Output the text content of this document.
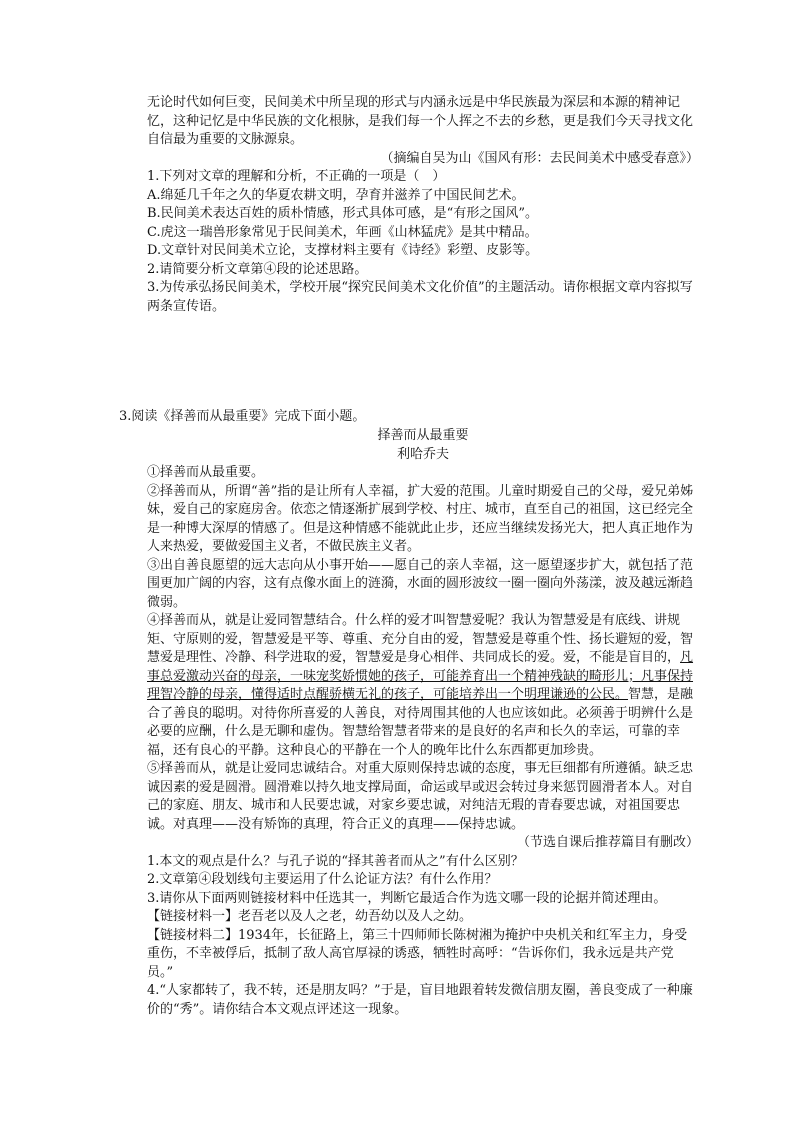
无论时代如何巨变，民间美术中所呈现的形式与内涵永远是中华民族最为深层和本源的精神记忆，这种记忆是中华民族的文化根脉，是我们每一个人挥之不去的乡愁，更是我们今天寻找文化自信最为重要的文脉源泉。

（摘编自吴为山《国风有形：去民间美术中感受春意》）

1.下列对文章的理解和分析，不正确的一项是（　）

A.绵延几千年之久的华夏农耕文明，孕育并滋养了中国民间艺术。

B.民间美术表达百姓的质朴情感，形式具体可感，是“有形之国风”。

C.虎这一瑞兽形象常见于民间美术，年画《山林猛虎》是其中精品。

D.文章针对民间美术立论，支撑材料主要有《诗经》彩塑、皮影等。

2.请简要分析文章第④段的论述思路。

3.为传承弘扬民间美术，学校开展“探究民间美术文化价值”的主题活动。请你根据文章内容拟写两条宣传语。

3.阅读《择善而从最重要》完成下面小题。

择善而从最重要

利哈乔夫

①择善而从最重要。

②择善而从，所谓“善”指的是让所有人幸福，扩大爱的范围。儿童时期爱自己的父母，爱兄弟姊妹，爱自己的家庭房舍。依恋之情逐渐扩展到学校、村庄、城市，直至自己的祖国，这已经完全是一种博大深厚的情感了。但是这种情感不能就此止步，还应当继续发扬光大，把人真正地作为人来热爱，要做爱国主义者，不做民族主义者。

③出自善良愿望的远大志向从小事开始——愿自己的亲人幸福，这一愿望逐步扩大，就包括了范围更加广阔的内容，这有点像水面上的涟漪，水面的圆形波纹一圈一圈向外荡漾，波及越远渐趋微弱。

④择善而从，就是让爱同智慧结合。什么样的爱才叫智慧爱呢？我认为智慧爱是有底线、讲规矩、守原则的爱，智慧爱是平等、尊重、充分自由的爱，智慧爱是尊重个性、扬长避短的爱，智慧爱是理性、冷静、科学进取的爱，智慧爱是身心相伴、共同成长的爱。爱，不能是盲目的，凡事总爱激动兴奋的母亲，一味宠奖娇惯她的孩子，可能养育出一个精神残缺的畸形儿；凡事保持理智冷静的母亲，懂得适时点醒骄横无礼的孩子，可能培养出一个明理谦逊的公民。智慧，是融合了善良的聪明。对待你所喜爱的人善良，对待周围其他的人也应该如此。必须善于明辨什么是必要的应酬，什么是无聊和虚伪。智慧给智慧者带来的是良好的名声和长久的幸运，可靠的幸福，还有良心的平静。这种良心的平静在一个人的晚年比什么东西都更加珍贵。

⑤择善而从，就是让爱同忠诚结合。对重大原则保持忠诚的态度，事无巨细都有所遵循。缺乏忠诚因素的爱是圆滑。圆滑难以持久地支撑局面，命运或早或迟会转过身来惩罚圆滑者本人。对自己的家庭、朋友、城市和人民要忠诚，对家乡要忠诚，对纯洁无瑕的青春要忠诚，对祖国要忠诚。对真理——没有矫饰的真理，符合正义的真理——保持忠诚。

（节选自课后推荐篇目有删改）

1.本文的观点是什么？与孔子说的“择其善者而从之”有什么区别？

2.文章第④段划线句主要运用了什么论证方法？有什么作用？

3.请你从下面两则链接材料中任选其一，判断它最适合作为选文哪一段的论据并简述理由。

【链接材料一】老吾老以及人之老，幼吾幼以及人之幼。

【链接材料二】1934年，长征路上，第三十四师师长陈树湘为掩护中央机关和红军主力，身受重伤，不幸被俘后，抵制了敌人高官厚禄的诱惑，牺牲时高呼：“告诉你们，我永远是共产党员。”

4.“人家都转了，我不转，还是朋友吗？”于是，盲目地跟着转发微信朋友圈，善良变成了一种廉价的“秀”。请你结合本文观点评述这一现象。
